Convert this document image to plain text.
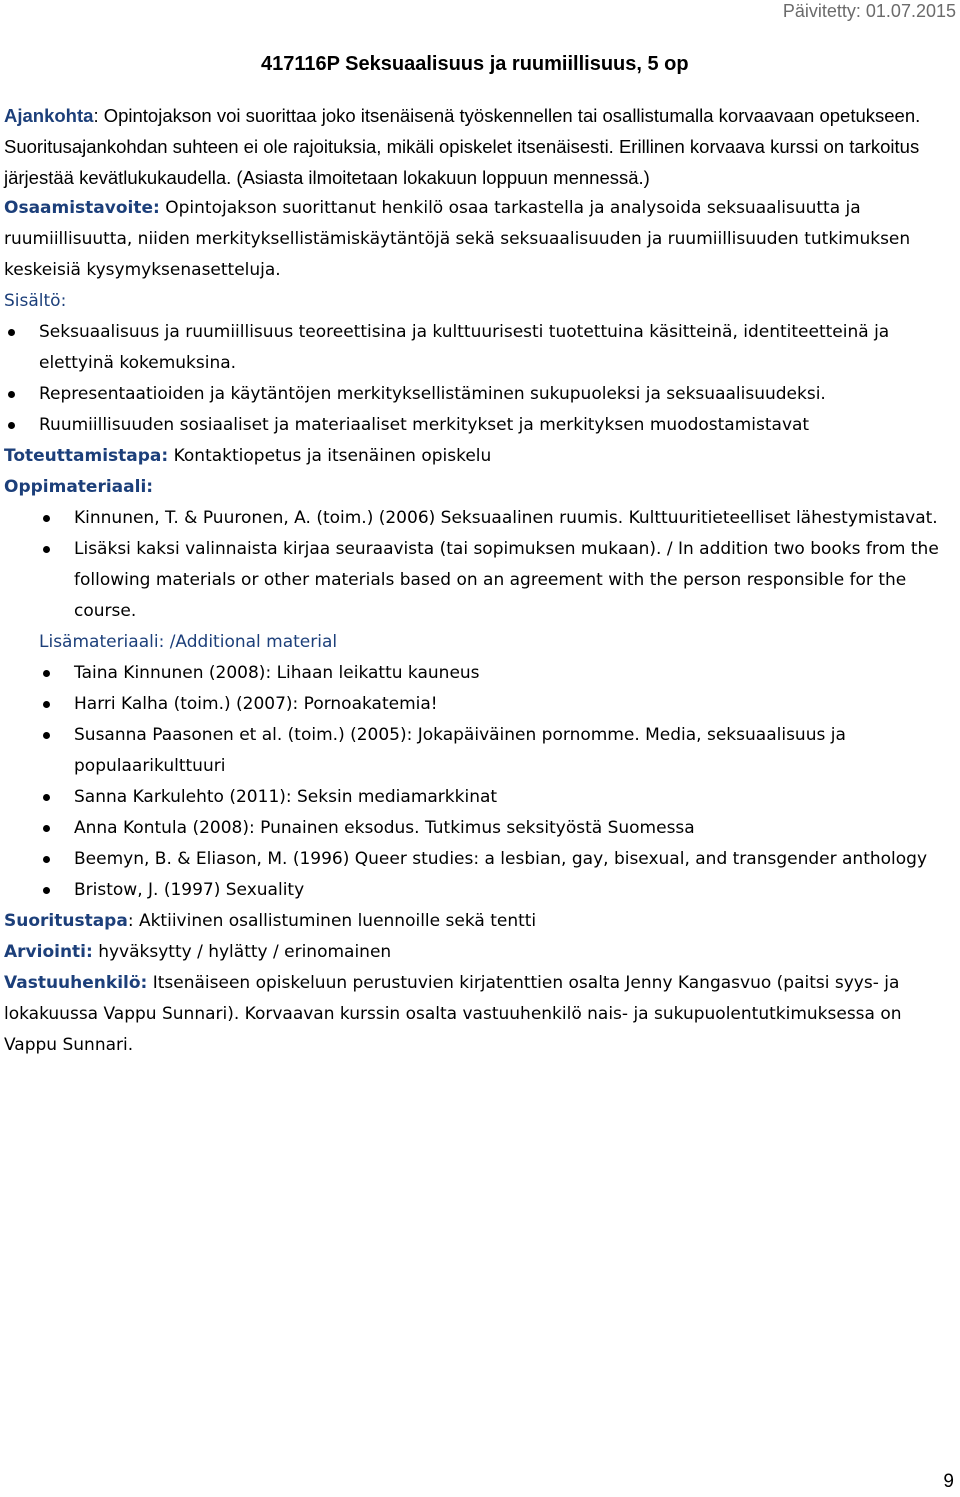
Päivitetty: 01.07.2015
417116P Seksuaalisuus ja ruumiillisuus, 5 op

Ajankohta: Opintojakson voi suorittaa joko itsenäisenä työskennellen tai osallistumalla korvaavaan opetukseen. Suoritusajankohdan suhteen ei ole rajoituksia, mikäli opiskelet itsenäisesti. Erillinen korvaava kurssi on tarkoitus järjestää kevätlukukaudella. (Asiasta ilmoitetaan lokakuun loppuun mennessä.)

Osaamistavoite: Opintojakson suorittanut henkilö osaa tarkastella ja analysoida seksuaalisuutta ja ruumiillisuutta, niiden merkityksellistämiskäytäntöjä sekä seksuaalisuuden ja ruumiillisuuden tutkimuksen keskeisiä kysymyksenasetteluja.

Sisältö:

Seksuaalisuus ja ruumiillisuus teoreettisina ja kulttuurisesti tuotettuina käsitteinä, identiteetteinä ja elettyinä kokemuksina.
Representaatioiden ja käytäntöjen merkityksellistäminen sukupuoleksi ja seksuaalisuudeksi.
Ruumiillisuuden sosiaaliset ja materiaaliset merkitykset ja merkityksen muodostamistavat

Toteuttamistapa: Kontaktiopetus ja itsenäinen opiskelu

Oppimateriaali:

Kinnunen, T. & Puuronen, A. (toim.) (2006) Seksuaalinen ruumis. Kulttuuritieteelliset lähestymistavat.
Lisäksi kaksi valinnaista kirjaa seuraavista (tai sopimuksen mukaan). / In addition two books from the following materials or other materials based on an agreement with the person responsible for the course.

Lisämateriaali: /Additional material

Taina Kinnunen (2008): Lihaan leikattu kauneus
Harri Kalha (toim.) (2007): Pornoakatemia!
Susanna Paasonen et al. (toim.) (2005): Jokapäiväinen pornomme. Media, seksuaalisuus ja populaarikulttuuri
Sanna Karkulehto (2011): Seksin mediamarkkinat
Anna Kontula (2008): Punainen eksodus. Tutkimus seksityöstä Suomessa
Beemyn, B. & Eliason, M. (1996) Queer studies: a lesbian, gay, bisexual, and transgender anthology
Bristow, J. (1997) Sexuality

Suoritustapa: Aktiivinen osallistuminen luennoille sekä tentti

Arviointi: hyväksytty / hylätty / erinomainen

Vastuuhenkilö: Itsenäiseen opiskeluun perustuvien kirjatenttien osalta Jenny Kangasvuo (paitsi syys- ja lokakuussa Vappu Sunnari). Korvaavan kurssin osalta vastuuhenkilö nais- ja sukupuolentutkimuksessa on Vappu Sunnari.

9
